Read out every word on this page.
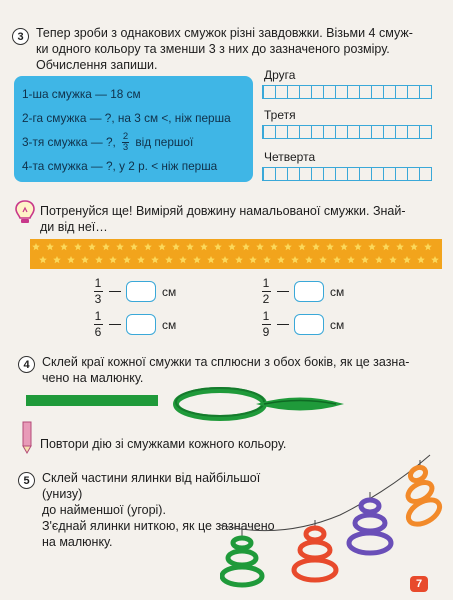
3 Тепер зроби з однакових смужок різні завдовжки. Візьми 4 смуж-
ки одного кольору та зменши 3 з них до зазначеного розміру.
Обчислення запиши.
1-ша смужка — 18 см
2-га смужка — ?, на 3 см <, ніж перша
3-тя смужка — ?, $\frac{2}{3}$ від першої
4-та смужка — ?, у 2 р. < ніж перша
Друга
Третя
Четверта
Потренуйся ще! Виміряй довжину намальованої смужки. Знай-
ди від неї…
$\frac{1}{3}$	см	$\frac{1}{2}$	см
$\frac{1}{6}$	см	$\frac{1}{9}$	см
4 Склей краї кожної смужки та сплюсни з обох боків, як це зазна-
чено на малюнку.
Повтори дію зі смужками кожного кольору.
5 Склей частини ялинки від найбільшої (унизу)
до найменшої (угорі).
З'єднай ялинки ниткою, як це зазначено
на малюнку.
7
